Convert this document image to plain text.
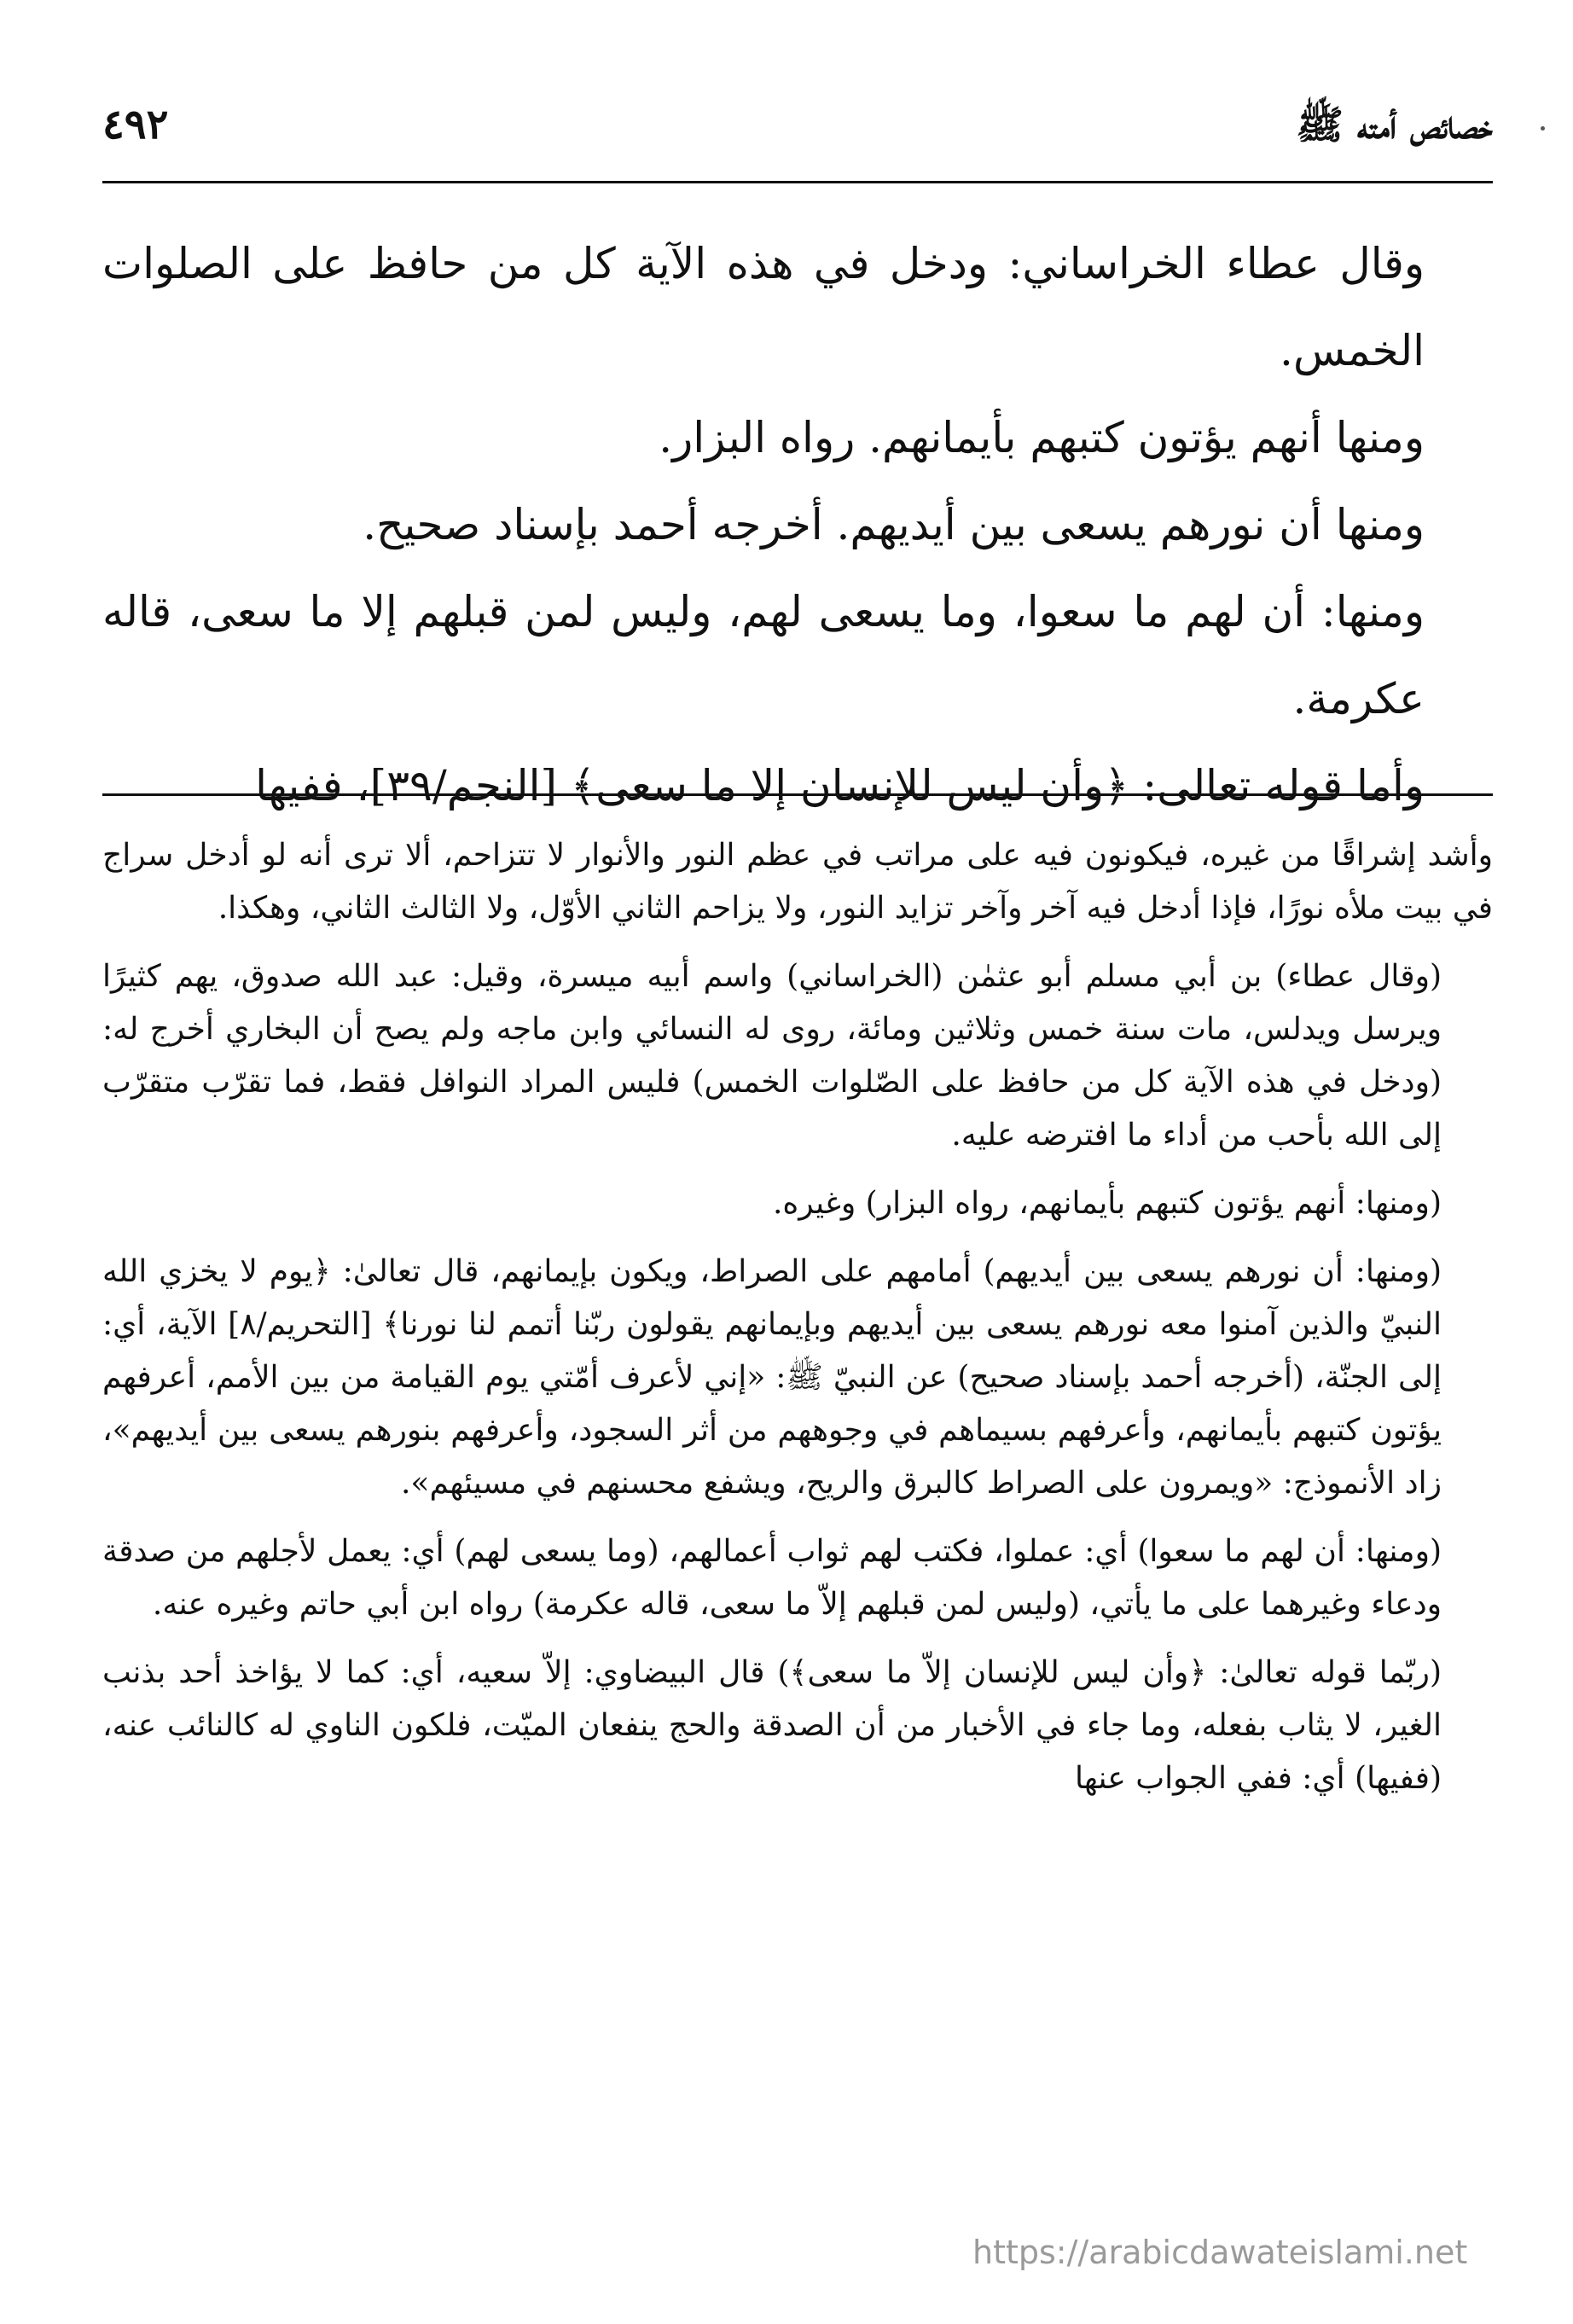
خصائص أمته ﷺ
٤٩٢

وقال عطاء الخراساني: ودخل في هذه الآية كل من حافظ على الصلوات الخمس.

ومنها أنهم يؤتون كتبهم بأيمانهم. رواه البزار.

ومنها أن نورهم يسعى بين أيديهم. أخرجه أحمد بإسناد صحيح.

ومنها: أن لهم ما سعوا، وما يسعى لهم، وليس لمن قبلهم إلا ما سعى، قاله عكرمة.

وأما قوله تعالى: ﴿وأن ليس للإنسان إلا ما سعى﴾ [النجم/٣٩]، ففيها

وأشد إشراقًا من غيره، فيكونون فيه على مراتب في عظم النور والأنوار لا تتزاحم، ألا ترى أنه لو أدخل سراج في بيت ملأه نورًا، فإذا أدخل فيه آخر وآخر تزايد النور، ولا يزاحم الثاني الأوّل، ولا الثالث الثاني، وهكذا.

(وقال عطاء) بن أبي مسلم أبو عثمٰن (الخراساني) واسم أبيه ميسرة، وقيل: عبد الله صدوق، يهم كثيرًا ويرسل ويدلس، مات سنة خمس وثلاثين ومائة، روى له النسائي وابن ماجه ولم يصح أن البخاري أخرج له: (ودخل في هذه الآية كل من حافظ على الصّلوات الخمس) فليس المراد النوافل فقط، فما تقرّب متقرّب إلى الله بأحب من أداء ما افترضه عليه.

(ومنها: أنهم يؤتون كتبهم بأيمانهم، رواه البزار) وغيره.

(ومنها: أن نورهم يسعى بين أيديهم) أمامهم على الصراط، ويكون بإيمانهم، قال تعالىٰ: ﴿يوم لا يخزي الله النبيّ والذين آمنوا معه نورهم يسعى بين أيديهم وبإيمانهم يقولون ربّنا أتمم لنا نورنا﴾ [التحريم/٨] الآية، أي: إلى الجنّة، (أخرجه أحمد بإسناد صحيح) عن النبيّ ﷺ: «إني لأعرف أمّتي يوم القيامة من بين الأمم، أعرفهم يؤتون كتبهم بأيمانهم، وأعرفهم بسيماهم في وجوههم من أثر السجود، وأعرفهم بنورهم يسعى بين أيديهم»، زاد الأنموذج: «ويمرون على الصراط كالبرق والريح، ويشفع محسنهم في مسيئهم».

(ومنها: أن لهم ما سعوا) أي: عملوا، فكتب لهم ثواب أعمالهم، (وما يسعى لهم) أي: يعمل لأجلهم من صدقة ودعاء وغيرهما على ما يأتي، (وليس لمن قبلهم إلاّ ما سعى، قاله عكرمة) رواه ابن أبي حاتم وغيره عنه.

(ربّما قوله تعالىٰ: ﴿وأن ليس للإنسان إلاّ ما سعى﴾) قال البيضاوي: إلاّ سعيه، أي: كما لا يؤاخذ أحد بذنب الغير، لا يثاب بفعله، وما جاء في الأخبار من أن الصدقة والحج ينفعان الميّت، فلكون الناوي له كالنائب عنه، (ففيها) أي: ففي الجواب عنها

https://arabicdawateislami.net
